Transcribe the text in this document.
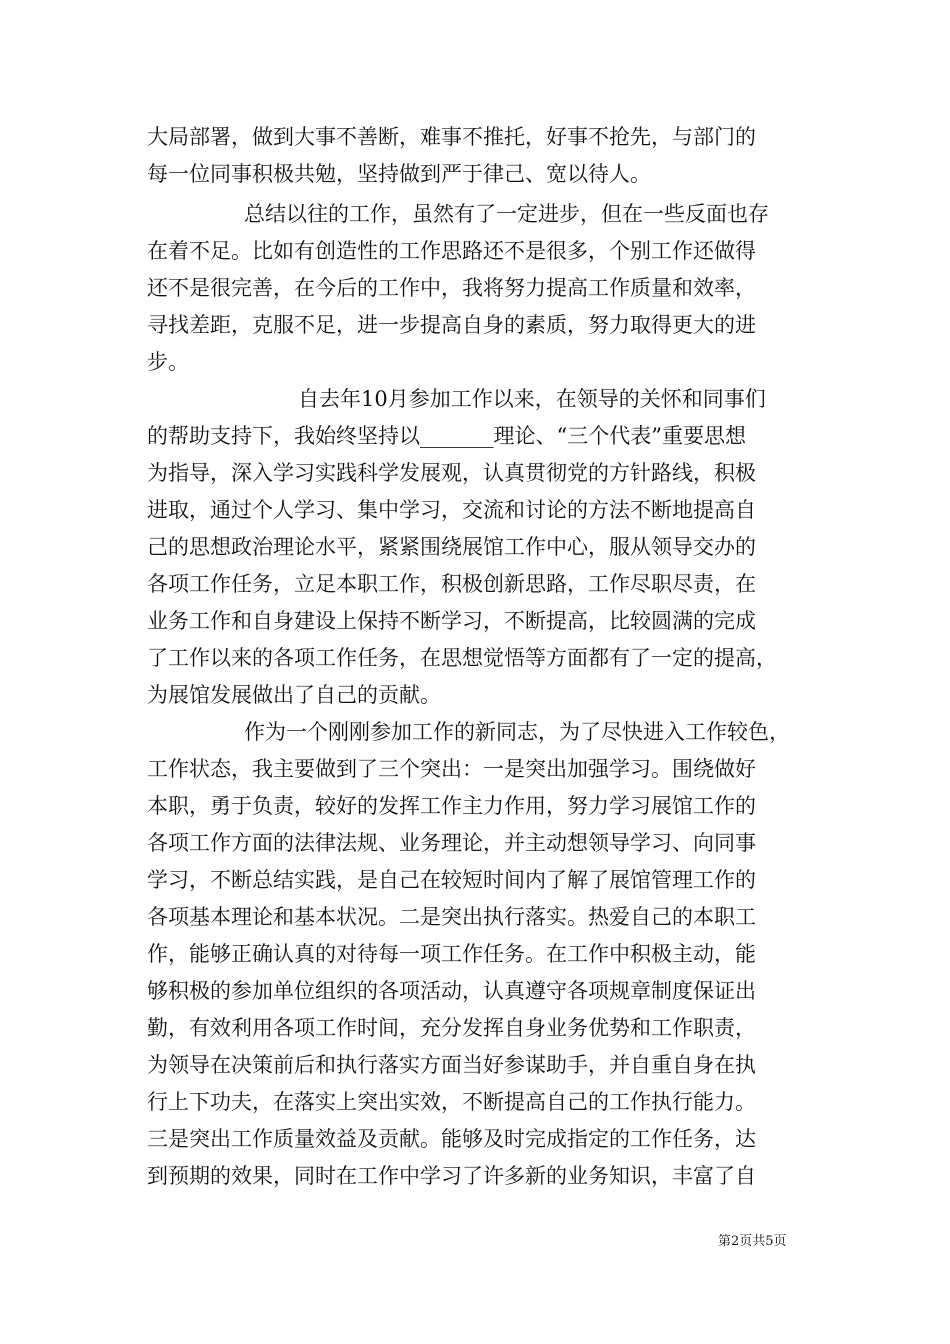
大局部署，做到大事不善断，难事不推托，好事不抢先，与部门的
每一位同事积极共勉，坚持做到严于律己、宽以待人。
总结以往的工作，虽然有了一定进步，但在一些反面也存
在着不足。比如有创造性的工作思路还不是很多，个别工作还做得
还不是很完善，在今后的工作中，我将努力提高工作质量和效率，
寻找差距，克服不足，进一步提高自身的素质，努力取得更大的进
步。
自去年10月参加工作以来，在领导的关怀和同事们
的帮助支持下，我始终坚持以_______理论、“三个代表”重要思想
为指导，深入学习实践科学发展观，认真贯彻党的方针路线，积极
进取，通过个人学习、集中学习，交流和讨论的方法不断地提高自
己的思想政治理论水平，紧紧围绕展馆工作中心，服从领导交办的
各项工作任务，立足本职工作，积极创新思路，工作尽职尽责，在
业务工作和自身建设上保持不断学习，不断提高，比较圆满的完成
了工作以来的各项工作任务，在思想觉悟等方面都有了一定的提高，
为展馆发展做出了自己的贡献。
作为一个刚刚参加工作的新同志，为了尽快进入工作较色，
工作状态，我主要做到了三个突出：一是突出加强学习。围绕做好
本职，勇于负责，较好的发挥工作主力作用，努力学习展馆工作的
各项工作方面的法律法规、业务理论，并主动想领导学习、向同事
学习，不断总结实践，是自己在较短时间内了解了展馆管理工作的
各项基本理论和基本状况。二是突出执行落实。热爱自己的本职工
作，能够正确认真的对待每一项工作任务。在工作中积极主动，能
够积极的参加单位组织的各项活动，认真遵守各项规章制度保证出
勤，有效利用各项工作时间，充分发挥自身业务优势和工作职责，
为领导在决策前后和执行落实方面当好参谋助手，并自重自身在执
行上下功夫，在落实上突出实效，不断提高自己的工作执行能力。
三是突出工作质量效益及贡献。能够及时完成指定的工作任务，达
到预期的效果，同时在工作中学习了许多新的业务知识，丰富了自
第2页共5页
